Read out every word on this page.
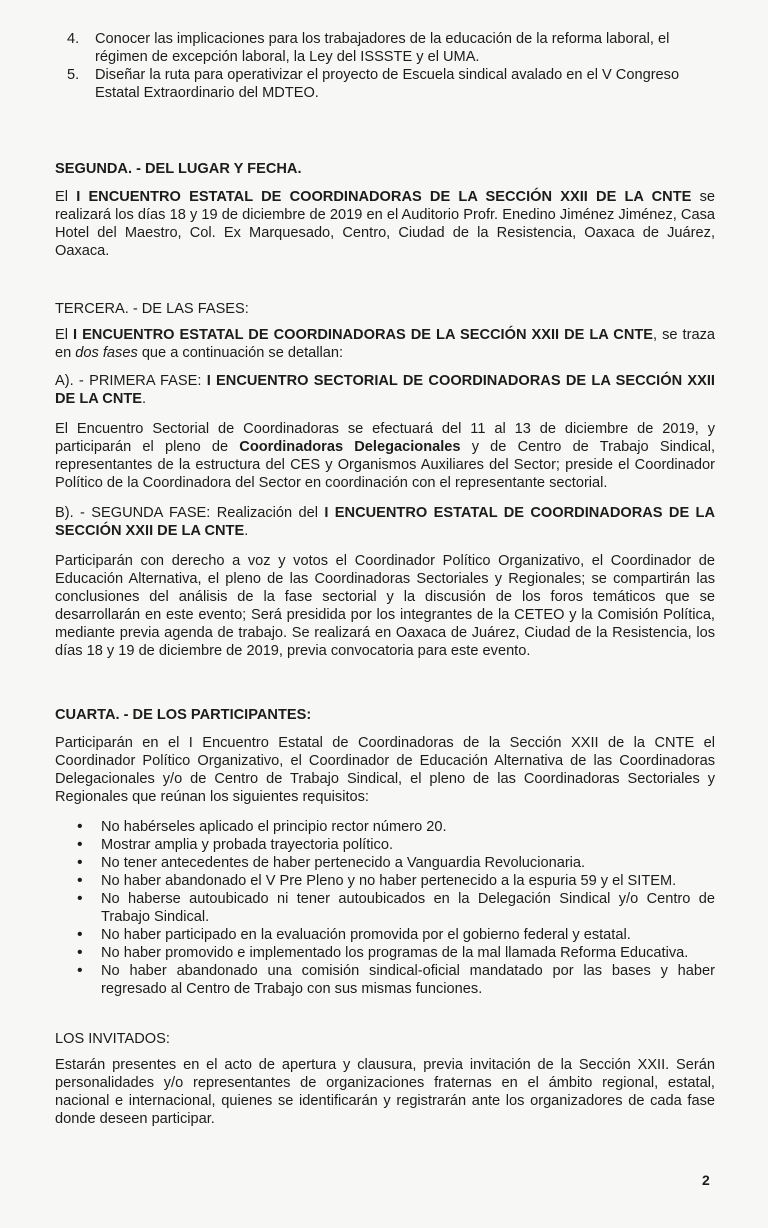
4.	Conocer las implicaciones para los trabajadores de la educación de la reforma laboral, el régimen de excepción laboral, la Ley del ISSSTE y el UMA.
5.	Diseñar la ruta para operativizar el proyecto de Escuela sindical avalado en el V Congreso Estatal Extraordinario del MDTEO.
SEGUNDA. - DEL LUGAR Y FECHA.

El I ENCUENTRO ESTATAL DE COORDINADORAS DE LA SECCIÓN XXII DE LA CNTE se realizará los días 18 y 19 de diciembre de 2019 en el Auditorio Profr. Enedino Jiménez Jiménez, Casa Hotel del Maestro, Col. Ex Marquesado, Centro, Ciudad de la Resistencia, Oaxaca de Juárez, Oaxaca.

TERCERA. - DE LAS FASES:

El I ENCUENTRO ESTATAL DE COORDINADORAS DE LA SECCIÓN XXII DE LA CNTE, se traza en dos fases que a continuación se detallan:

A). - PRIMERA FASE: I ENCUENTRO SECTORIAL DE COORDINADORAS DE LA SECCIÓN XXII DE LA CNTE.

El Encuentro Sectorial de Coordinadoras se efectuará del 11 al 13 de diciembre de 2019, y participarán el pleno de Coordinadoras Delegacionales y de Centro de Trabajo Sindical, representantes de la estructura del CES y Organismos Auxiliares del Sector; preside el Coordinador Político de la Coordinadora del Sector en coordinación con el representante sectorial.

B). - SEGUNDA FASE: Realización del I ENCUENTRO ESTATAL DE COORDINADORAS DE LA SECCIÓN XXII DE LA CNTE.

Participarán con derecho a voz y votos el Coordinador Político Organizativo, el Coordinador de Educación Alternativa, el pleno de las Coordinadoras Sectoriales y Regionales; se compartirán las conclusiones del análisis de la fase sectorial y la discusión de los foros temáticos que se desarrollarán en este evento; Será presidida por los integrantes de la CETEO y la Comisión Política, mediante previa agenda de trabajo. Se realizará en Oaxaca de Juárez, Ciudad de la Resistencia, los días 18 y 19 de diciembre de 2019, previa convocatoria para este evento.

CUARTA. - DE LOS PARTICIPANTES:

Participarán en el I Encuentro Estatal de Coordinadoras de la Sección XXII de la CNTE el Coordinador Político Organizativo, el Coordinador de Educación Alternativa de las Coordinadoras Delegacionales y/o de Centro de Trabajo Sindical, el pleno de las Coordinadoras Sectoriales y Regionales que reúnan los siguientes requisitos:

•	No habérseles aplicado el principio rector número 20.
•	Mostrar amplia y probada trayectoria político.
•	No tener antecedentes de haber pertenecido a Vanguardia Revolucionaria.
•	No haber abandonado el V Pre Pleno y no haber pertenecido a la espuria 59 y el SITEM.
•	No haberse autoubicado ni tener autoubicados en la Delegación Sindical y/o Centro de Trabajo Sindical.
•	No haber participado en la evaluación promovida por el gobierno federal y estatal.
•	No haber promovido e implementado los programas de la mal llamada Reforma Educativa.
•	No haber abandonado una comisión sindical-oficial mandatado por las bases y haber regresado al Centro de Trabajo con sus mismas funciones.
LOS INVITADOS:

Estarán presentes en el acto de apertura y clausura, previa invitación de la Sección XXII. Serán personalidades y/o representantes de organizaciones fraternas en el ámbito regional, estatal, nacional e internacional, quienes se identificarán y registrarán ante los organizadores de cada fase donde deseen participar.

2
